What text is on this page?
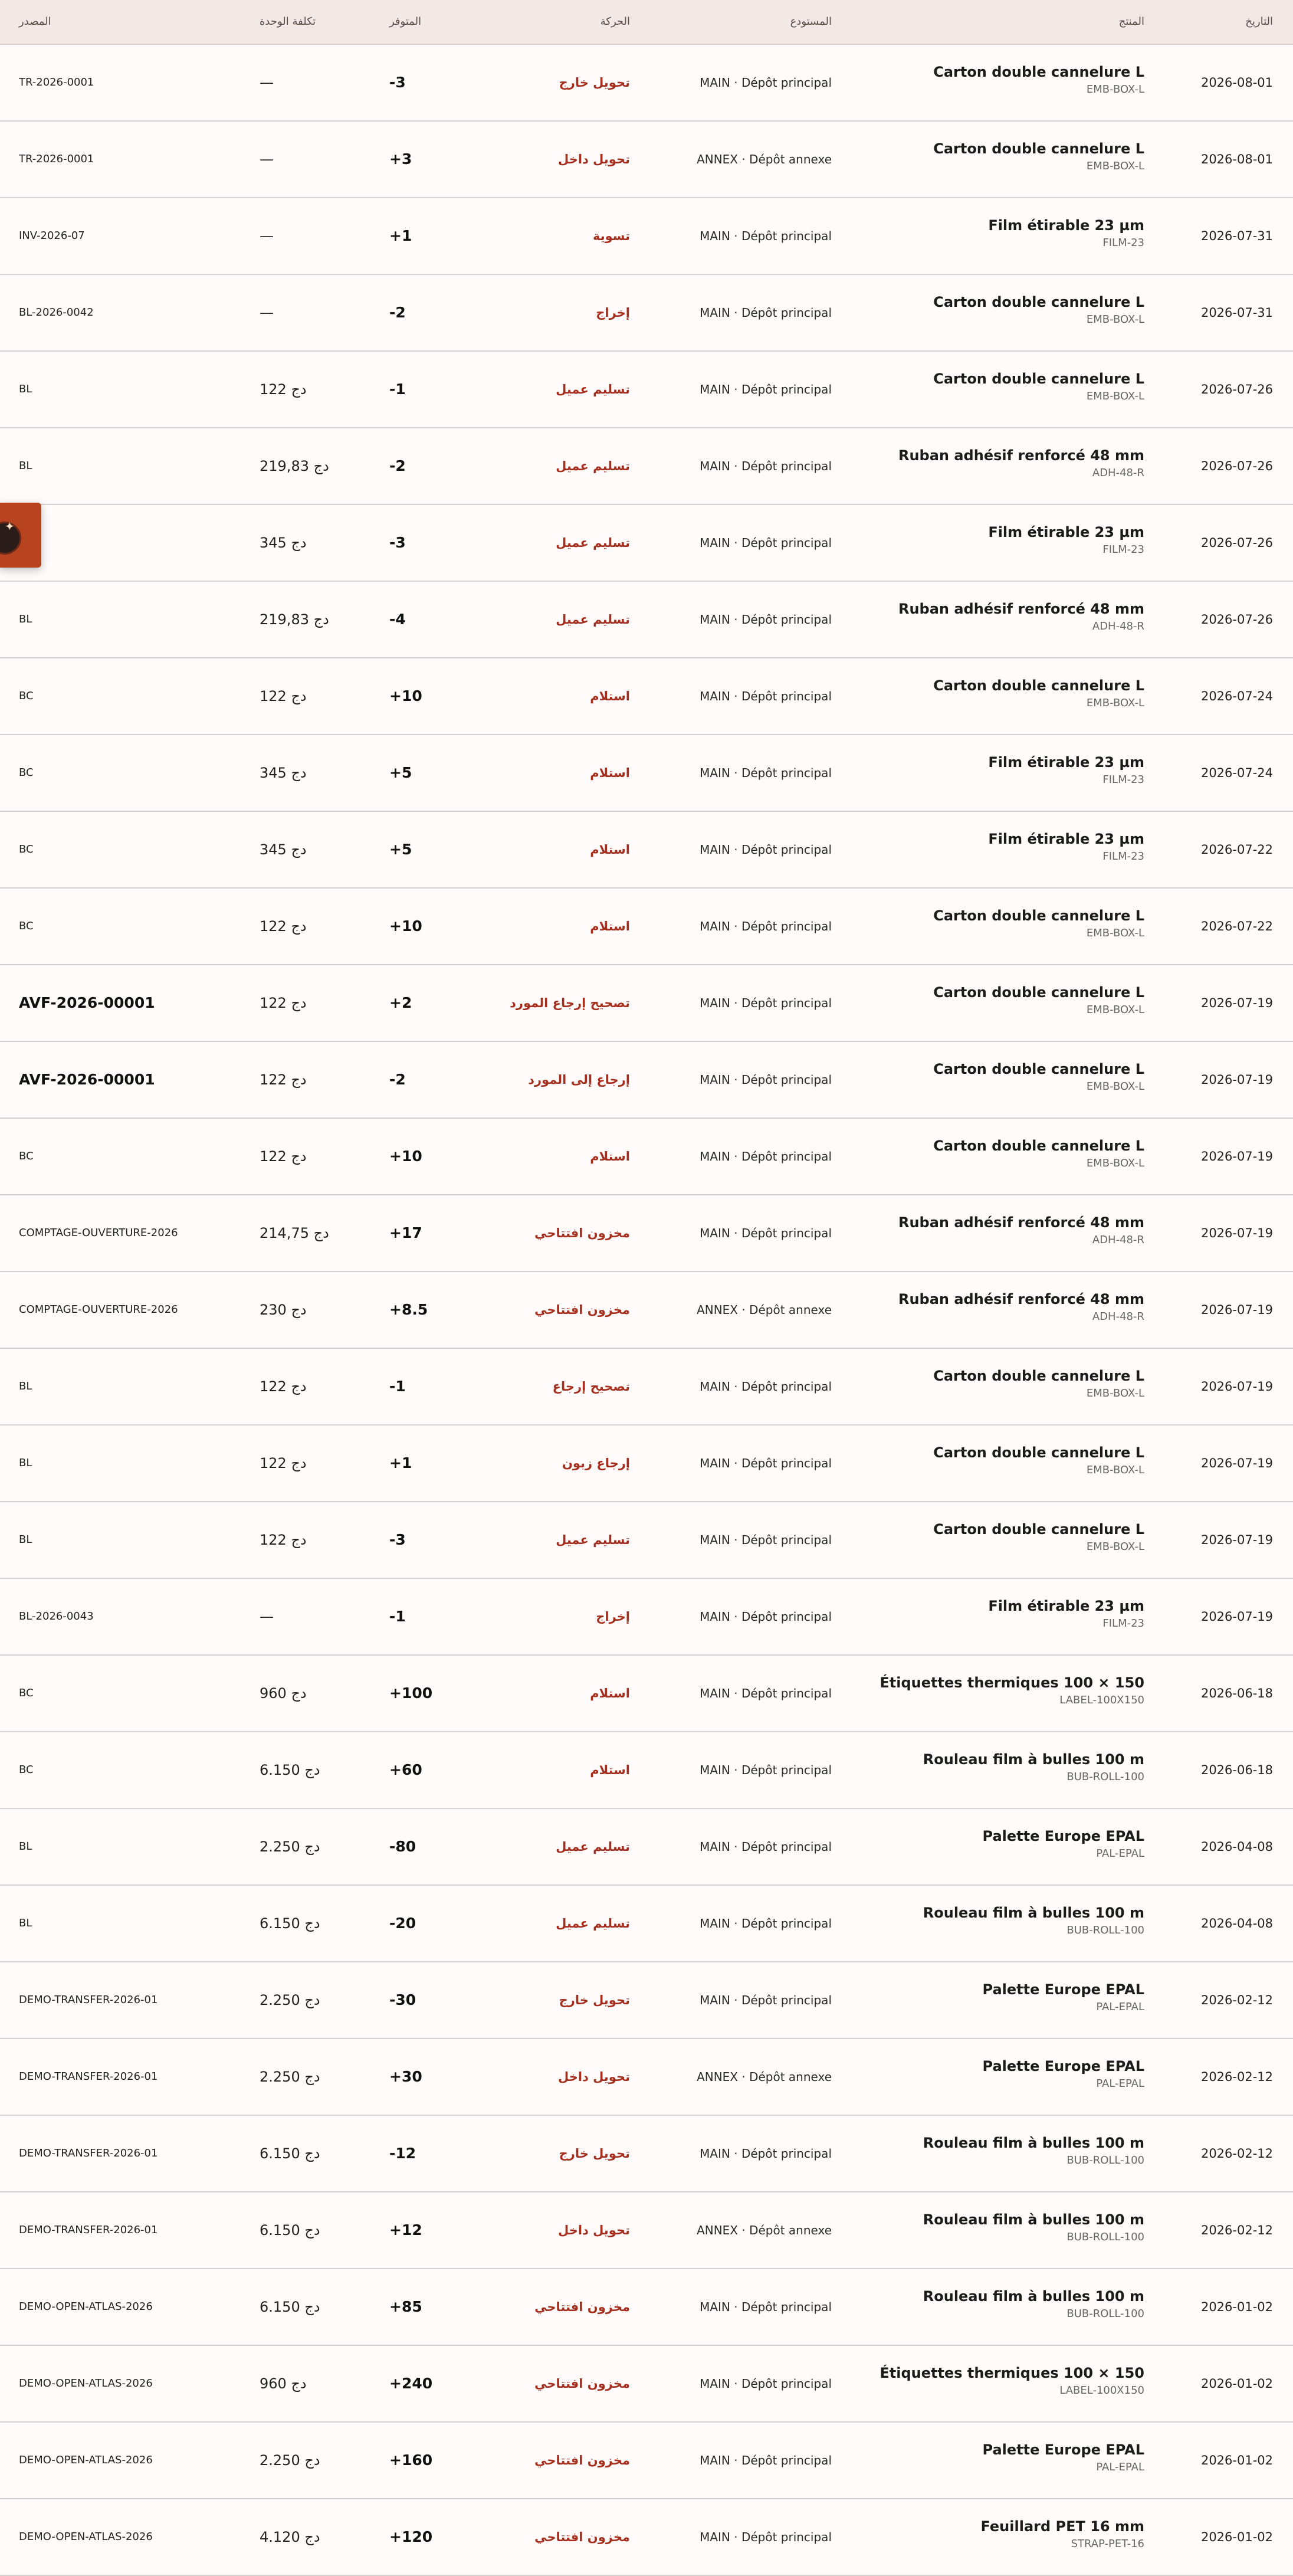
التاريخ
المنتج
المستودع
الحركة
المتوفر
تكلفة الوحدة
المصدر
2026-08-01
Carton double cannelure L
EMB-BOX-L
MAIN · Dépôt principal
تحويل خارج
-3
—
TR-2026-0001
2026-08-01
Carton double cannelure L
EMB-BOX-L
ANNEX · Dépôt annexe
تحويل داخل
+3
—
TR-2026-0001
2026-07-31
Film étirable 23 µm
FILM-23
MAIN · Dépôt principal
تسوية
+1
—
INV-2026-07
2026-07-31
Carton double cannelure L
EMB-BOX-L
MAIN · Dépôt principal
إخراج
-2
—
BL-2026-0042
2026-07-26
Carton double cannelure L
EMB-BOX-L
MAIN · Dépôt principal
تسليم عميل
-1
122 دج
BL
2026-07-26
Ruban adhésif renforcé 48 mm
ADH-48-R
MAIN · Dépôt principal
تسليم عميل
-2
219,83 دج
BL
2026-07-26
Film étirable 23 µm
FILM-23
MAIN · Dépôt principal
تسليم عميل
-3
345 دج
2026-07-26
Ruban adhésif renforcé 48 mm
ADH-48-R
MAIN · Dépôt principal
تسليم عميل
-4
219,83 دج
BL
2026-07-24
Carton double cannelure L
EMB-BOX-L
MAIN · Dépôt principal
استلام
+10
122 دج
BC
2026-07-24
Film étirable 23 µm
FILM-23
MAIN · Dépôt principal
استلام
+5
345 دج
BC
2026-07-22
Film étirable 23 µm
FILM-23
MAIN · Dépôt principal
استلام
+5
345 دج
BC
2026-07-22
Carton double cannelure L
EMB-BOX-L
MAIN · Dépôt principal
استلام
+10
122 دج
BC
2026-07-19
Carton double cannelure L
EMB-BOX-L
MAIN · Dépôt principal
تصحيح إرجاع المورد
+2
122 دج
AVF-2026-00001
2026-07-19
Carton double cannelure L
EMB-BOX-L
MAIN · Dépôt principal
إرجاع إلى المورد
-2
122 دج
AVF-2026-00001
2026-07-19
Carton double cannelure L
EMB-BOX-L
MAIN · Dépôt principal
استلام
+10
122 دج
BC
2026-07-19
Ruban adhésif renforcé 48 mm
ADH-48-R
MAIN · Dépôt principal
مخزون افتتاحي
+17
214,75 دج
COMPTAGE-OUVERTURE-2026
2026-07-19
Ruban adhésif renforcé 48 mm
ADH-48-R
ANNEX · Dépôt annexe
مخزون افتتاحي
+8.5
230 دج
COMPTAGE-OUVERTURE-2026
2026-07-19
Carton double cannelure L
EMB-BOX-L
MAIN · Dépôt principal
تصحيح إرجاع
-1
122 دج
BL
2026-07-19
Carton double cannelure L
EMB-BOX-L
MAIN · Dépôt principal
إرجاع زبون
+1
122 دج
BL
2026-07-19
Carton double cannelure L
EMB-BOX-L
MAIN · Dépôt principal
تسليم عميل
-3
122 دج
BL
2026-07-19
Film étirable 23 µm
FILM-23
MAIN · Dépôt principal
إخراج
-1
—
BL-2026-0043
2026-06-18
Étiquettes thermiques 100 × 150
LABEL-100X150
MAIN · Dépôt principal
استلام
+100
960 دج
BC
2026-06-18
Rouleau film à bulles 100 m
BUB-ROLL-100
MAIN · Dépôt principal
استلام
+60
6.150 دج
BC
2026-04-08
Palette Europe EPAL
PAL-EPAL
MAIN · Dépôt principal
تسليم عميل
-80
2.250 دج
BL
2026-04-08
Rouleau film à bulles 100 m
BUB-ROLL-100
MAIN · Dépôt principal
تسليم عميل
-20
6.150 دج
BL
2026-02-12
Palette Europe EPAL
PAL-EPAL
MAIN · Dépôt principal
تحويل خارج
-30
2.250 دج
DEMO-TRANSFER-2026-01
2026-02-12
Palette Europe EPAL
PAL-EPAL
ANNEX · Dépôt annexe
تحويل داخل
+30
2.250 دج
DEMO-TRANSFER-2026-01
2026-02-12
Rouleau film à bulles 100 m
BUB-ROLL-100
MAIN · Dépôt principal
تحويل خارج
-12
6.150 دج
DEMO-TRANSFER-2026-01
2026-02-12
Rouleau film à bulles 100 m
BUB-ROLL-100
ANNEX · Dépôt annexe
تحويل داخل
+12
6.150 دج
DEMO-TRANSFER-2026-01
2026-01-02
Rouleau film à bulles 100 m
BUB-ROLL-100
MAIN · Dépôt principal
مخزون افتتاحي
+85
6.150 دج
DEMO-OPEN-ATLAS-2026
2026-01-02
Étiquettes thermiques 100 × 150
LABEL-100X150
MAIN · Dépôt principal
مخزون افتتاحي
+240
960 دج
DEMO-OPEN-ATLAS-2026
2026-01-02
Palette Europe EPAL
PAL-EPAL
MAIN · Dépôt principal
مخزون افتتاحي
+160
2.250 دج
DEMO-OPEN-ATLAS-2026
2026-01-02
Feuillard PET 16 mm
STRAP-PET-16
MAIN · Dépôt principal
مخزون افتتاحي
+120
4.120 دج
DEMO-OPEN-ATLAS-2026
✦
